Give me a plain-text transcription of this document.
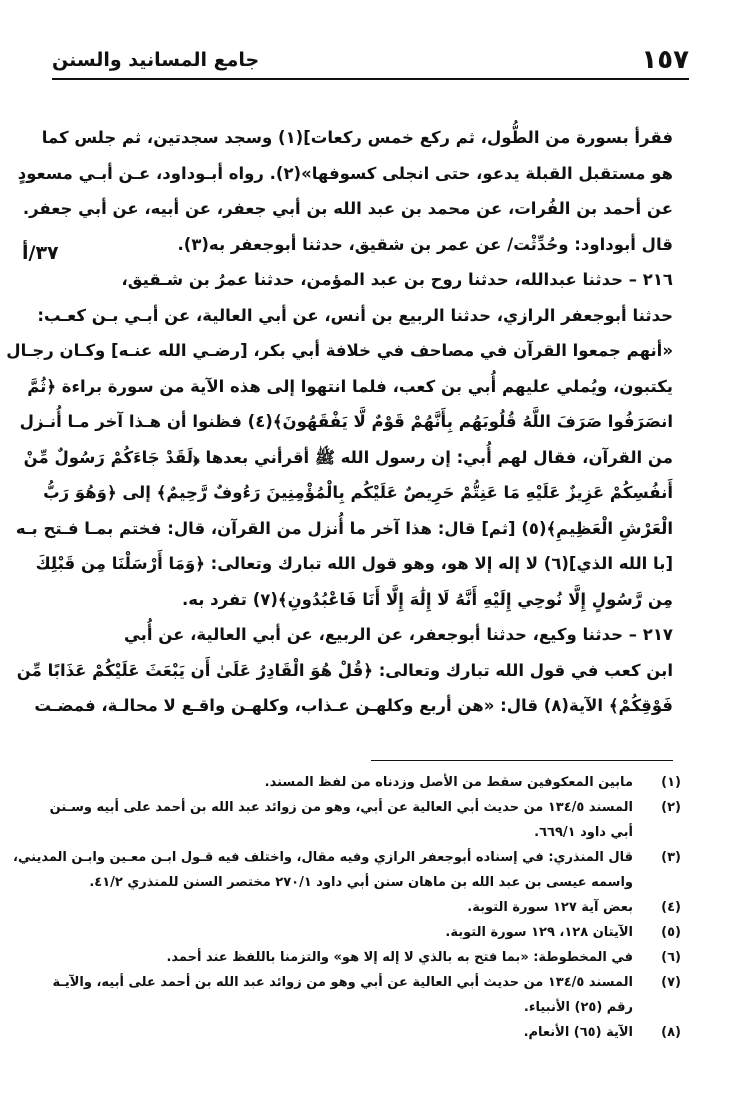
١٥٧
جامع المسانيد والسنن
٣٧/أ
فقرأ بسورة من الطُّول، ثم ركع خمس ركعات](١) وسجد سجدتين، ثم جلس كما
هو مستقبل القبلة يدعو، حتى انجلى كسوفها»(٢). رواه أبـوداود، عـن أبـي مسعودٍ
عن أحمد بن الفُرات، عن محمد بن عبد الله بن أبي جعفر، عن أبيه، عن أبي جعفر.
قال أبوداود: وحُدِّثْت/ عن عمر بن شقيق، حدثنا أبوجعفر به(٣).
٢١٦ – حدثنا عبدالله، حدثنا روح بن عبد المؤمن، حدثنا عمرُ بن شـقيق،
حدثنا أبوجعفر الرازي، حدثنا الربيع بن أنس، عن أبي العالية، عن أبـي بـن كعـب:
«أنهم جمعوا القرآن في مصاحف في خلافة أبي بكر، [رضـي الله عنـه] وكـان رجـال
يكتبون، ويُملي عليهم أُبي بن كعب، فلما انتهوا إلى هذه الآية من سورة براءة ﴿ثُمَّ
انصَرَفُوا صَرَفَ اللَّهُ قُلُوبَهُم بِأَنَّهُمْ قَوْمٌ لَّا يَفْقَهُونَ﴾(٤) فظنوا أن هـذا آخر مـا أُنـزل
من القرآن، فقال لهم أُبي: إن رسول الله ﷺ أقرأني بعدها ﴿لَقَدْ جَاءَكُمْ رَسُولٌ مِّنْ
أَنفُسِكُمْ عَزِيزٌ عَلَيْهِ مَا عَنِتُّمْ حَرِيصٌ عَلَيْكُم بِالْمُؤْمِنِينَ رَءُوفٌ رَّحِيمٌ﴾ إلى ﴿وَهُوَ رَبُّ
الْعَرْشِ الْعَظِيمِ﴾(٥) [ثم] قال: هذا آخر ما أُنزل من القرآن، قال: فختم بمـا فـتح بـه
[با الله الذي](٦) لا إله إلا هو، وهو قول الله تبارك وتعالى: ﴿وَمَا أَرْسَلْنَا مِن قَبْلِكَ
مِن رَّسُولٍ إِلَّا نُوحِي إِلَيْهِ أَنَّهُ لَا إِلَٰهَ إِلَّا أَنَا فَاعْبُدُونِ﴾(٧) تفرد به.
٢١٧ – حدثنا وكيع، حدثنا أبوجعفر، عن الربيع، عن أبي العالية، عن أُبي
ابن كعب في قول الله تبارك وتعالى: ﴿قُلْ هُوَ الْقَادِرُ عَلَىٰ أَن يَبْعَثَ عَلَيْكُمْ عَذَابًا مِّن
فَوْقِكُمْ﴾ الآية(٨) قال: «هن أربع وكلهـن عـذاب، وكلهـن واقـع لا محالـة، فمضـت
(١)
مابين المعكوفين سقط من الأصل وزدناه من لفظ المسند.
(٢)
المسند ١٣٤/٥ من حديث أبي العالية عن أبي، وهو من زوائد عبد الله بن أحمد على أبيه وسـنن
أبي داود ٦٦٩/١.
(٣)
قال المنذري: في إسناده أبوجعفر الرازي وفيه مقال، واختلف فيه قـول ابـن معـين وابـن المديني،
واسمه عيسى بن عبد الله بن ماهان سنن أبي داود ٢٧٠/١ مختصر السنن للمنذري ٤١/٢.
(٤)
بعض آية ١٢٧ سورة التوبة.
(٥)
الآيتان ١٢٨، ١٢٩ سورة التوبة.
(٦)
في المخطوطة: «بما فتح به بالذي لا إله إلا هو» والتزمنا باللفظ عند أحمد.
(٧)
المسند ١٣٤/٥ من حديث أبي العالية عن أبي وهو من زوائد عبد الله بن أحمد على أبيه، والآيـة
رقم (٢٥) الأنبياء.
(٨)
الآية (٦٥) الأنعام.
